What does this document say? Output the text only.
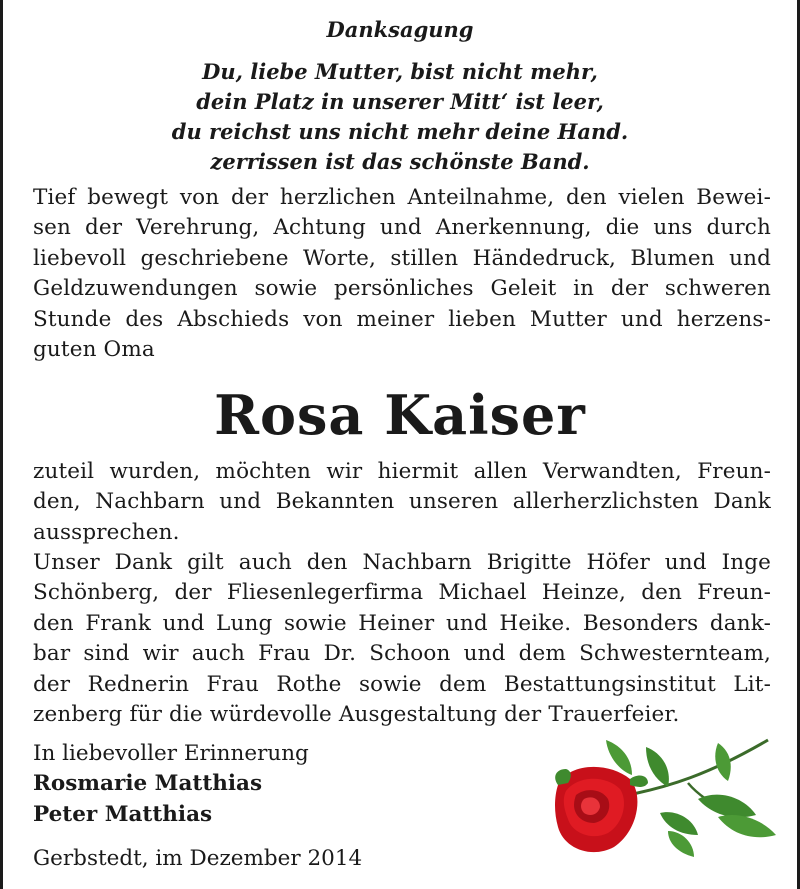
Danksagung
Du, liebe Mutter, bist nicht mehr,
dein Platz in unserer Mitt‘ ist leer,
du reichst uns nicht mehr deine Hand.
zerrissen ist das schönste Band.
Tief bewegt von der herzlichen Anteilnahme, den vielen Bewei-
sen der Verehrung, Achtung und Anerkennung, die uns durch
liebevoll geschriebene Worte, stillen Händedruck, Blumen und
Geldzuwendungen sowie persönliches Geleit in der schweren
Stunde des Abschieds von meiner lieben Mutter und herzens-
guten Oma
Rosa Kaiser
zuteil wurden, möchten wir hiermit allen Verwandten, Freun-
den, Nachbarn und Bekannten unseren allerherzlichsten Dank
aussprechen.
Unser Dank gilt auch den Nachbarn Brigitte Höfer und Inge
Schönberg, der Fliesenlegerfirma Michael Heinze, den Freun-
den Frank und Lung sowie Heiner und Heike. Besonders dank-
bar sind wir auch Frau Dr. Schoon und dem Schwesternteam,
der Rednerin Frau Rothe sowie dem Bestattungsinstitut Lit-
zenberg für die würdevolle Ausgestaltung der Trauerfeier.
In liebevoller Erinnerung
Rosmarie Matthias
Peter Matthias
Gerbstedt, im Dezember 2014
